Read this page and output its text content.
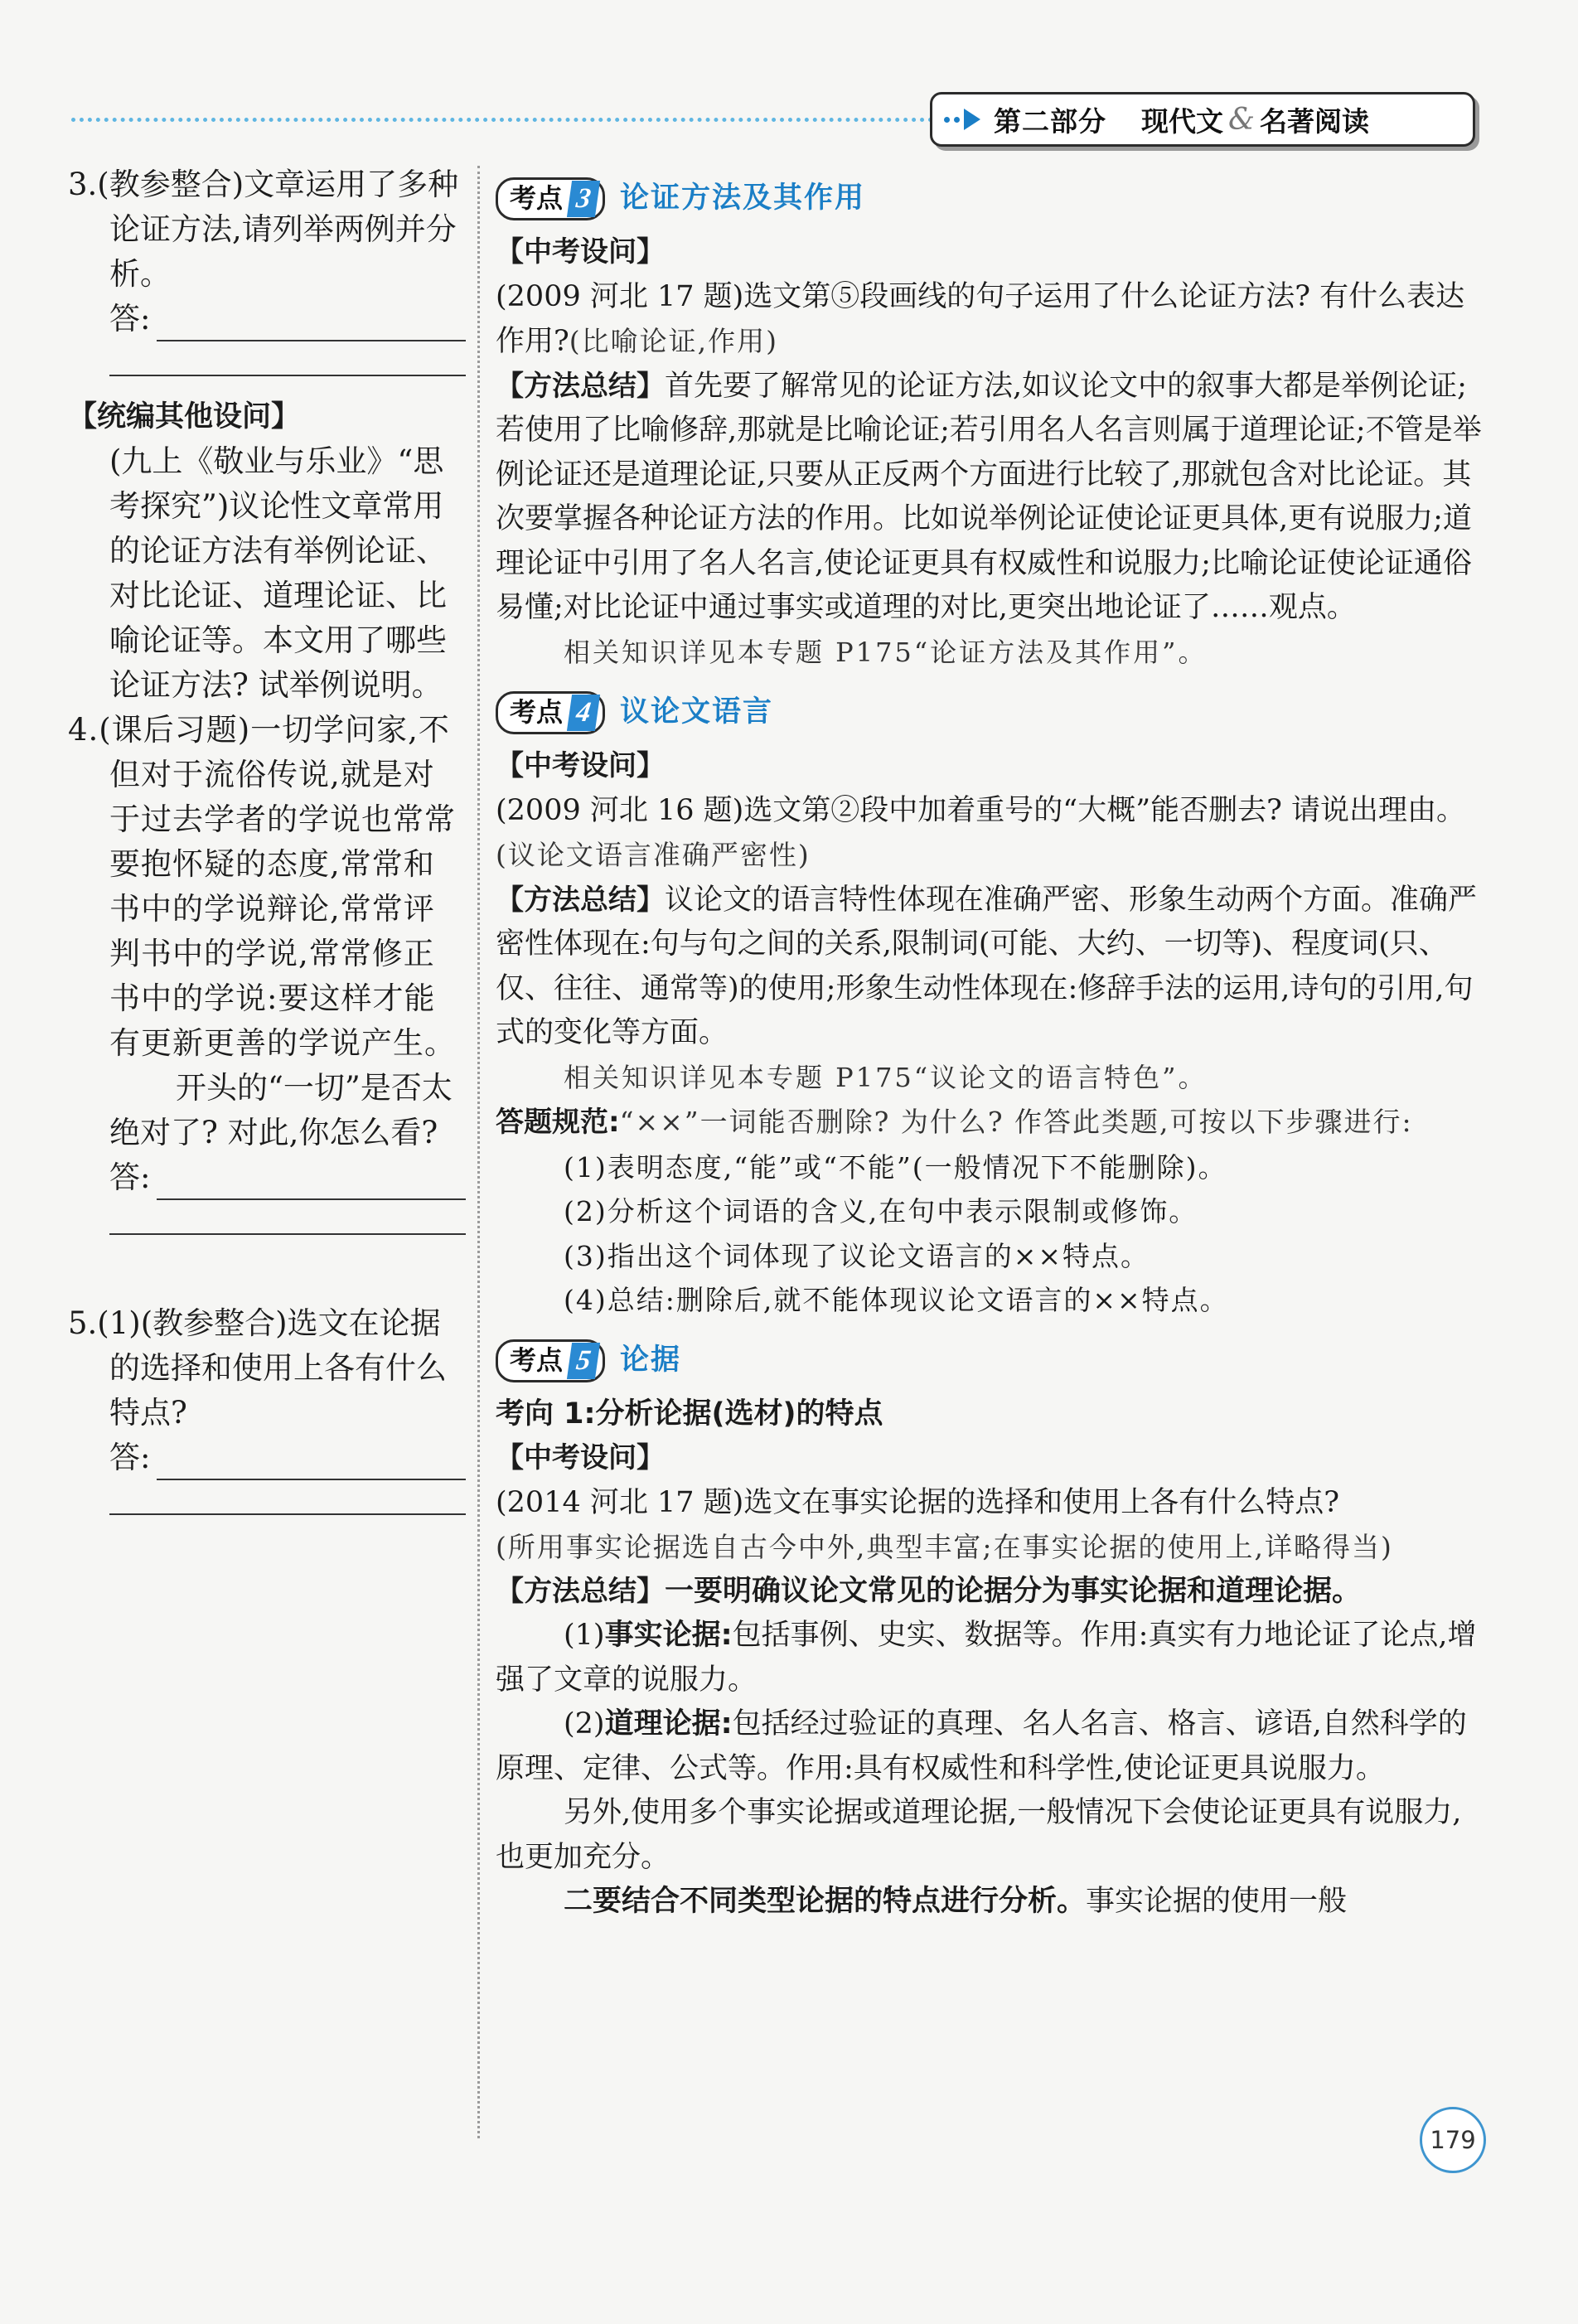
第二部分 现代文 & 名著阅读

3.(教参整合)文章运用了多种论证方法,请列举两例并分析。

答:

【统编其他设问】

(九上《敬业与乐业》“思考探究”)议论性文章常用的论证方法有举例论证、对比论证、道理论证、比喻论证等。本文用了哪些论证方法? 试举例说明。

4.(课后习题)一切学问家,不但对于流俗传说,就是对于过去学者的学说也常常要抱怀疑的态度,常常和书中的学说辩论,常常评判书中的学说,常常修正书中的学说:要这样才能有更新更善的学说产生。

开头的“一切”是否太绝对了? 对此,你怎么看?

答:

5.(1)(教参整合)选文在论据的选择和使用上各有什么特点?

答:
考点 3 论证方法及其作用

【中考设问】

(2009 河北 17 题)选文第⑤段画线的句子运用了什么论证方法? 有什么表达作用?(比喻论证,作用)

【方法总结】首先要了解常见的论证方法,如议论文中的叙事大都是举例论证;若使用了比喻修辞,那就是比喻论证;若引用名人名言则属于道理论证;不管是举例论证还是道理论证,只要从正反两个方面进行比较了,那就包含对比论证。其次要掌握各种论证方法的作用。比如说举例论证使论证更具体,更有说服力;道理论证中引用了名人名言,使论证更具有权威性和说服力;比喻论证使论证通俗易懂;对比论证中通过事实或道理的对比,更突出地论证了……观点。

相关知识详见本专题 P175“论证方法及其作用”。

考点 4 议论文语言

【中考设问】

(2009 河北 16 题)选文第②段中加着重号的“大概”能否删去? 请说出理由。(议论文语言准确严密性)

【方法总结】议论文的语言特性体现在准确严密、形象生动两个方面。准确严密性体现在:句与句之间的关系,限制词(可能、大约、一切等)、程度词(只、仅、往往、通常等)的使用;形象生动性体现在:修辞手法的运用,诗句的引用,句式的变化等方面。

相关知识详见本专题 P175“议论文的语言特色”。

答题规范:“××”一词能否删除? 为什么? 作答此类题,可按以下步骤进行:

(1)表明态度,“能”或“不能”(一般情况下不能删除)。

(2)分析这个词语的含义,在句中表示限制或修饰。

(3)指出这个词体现了议论文语言的××特点。

(4)总结:删除后,就不能体现议论文语言的××特点。

考点 5 论据

考向 1:分析论据(选材)的特点

【中考设问】

(2014 河北 17 题)选文在事实论据的选择和使用上各有什么特点?

(所用事实论据选自古今中外,典型丰富;在事实论据的使用上,详略得当)

【方法总结】一要明确议论文常见的论据分为事实论据和道理论据。

(1)事实论据:包括事例、史实、数据等。作用:真实有力地论证了论点,增强了文章的说服力。

(2)道理论据:包括经过验证的真理、名人名言、格言、谚语,自然科学的原理、定律、公式等。作用:具有权威性和科学性,使论证更具说服力。

另外,使用多个事实论据或道理论据,一般情况下会使论证更具有说服力,也更加充分。

二要结合不同类型论据的特点进行分析。事实论据的使用一般

179
